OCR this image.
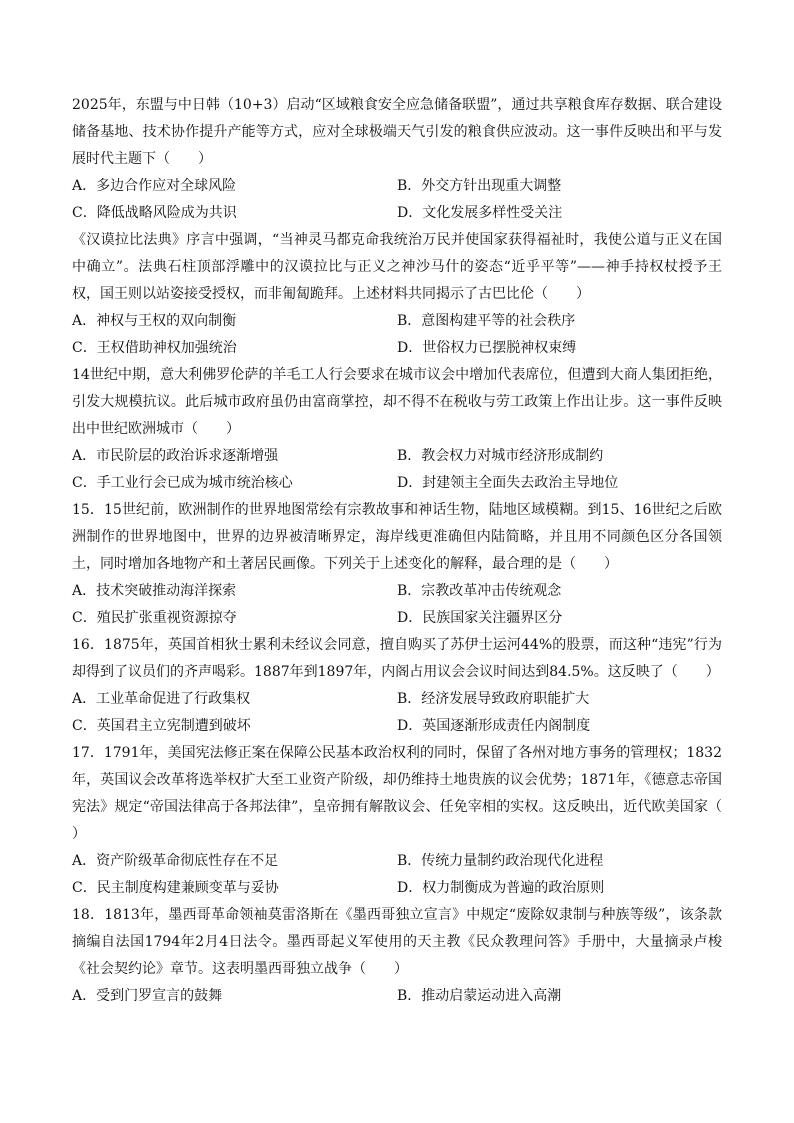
2025年，东盟与中日韩（10+3）启动“区域粮食安全应急储备联盟”，通过共享粮食库存数据、联合建设储备基地、技术协作提升产能等方式，应对全球极端天气引发的粮食供应波动。这一事件反映出和平与发展时代主题下（　　）

A．多边合作应对全球风险	B．外交方针出现重大调整
C．降低战略风险成为共识	D．文化发展多样性受关注

《汉谟拉比法典》序言中强调，“当神灵马都克命我统治万民并使国家获得福祉时，我使公道与正义在国中确立”。法典石柱顶部浮雕中的汉谟拉比与正义之神沙马什的姿态“近乎平等”——神手持权杖授予王权，国王则以站姿接受授权，而非匍匐跪拜。上述材料共同揭示了古巴比伦（　　）

A．神权与王权的双向制衡	B．意图构建平等的社会秩序
C．王权借助神权加强统治	D．世俗权力已摆脱神权束缚

14世纪中期，意大利佛罗伦萨的羊毛工人行会要求在城市议会中增加代表席位，但遭到大商人集团拒绝，引发大规模抗议。此后城市政府虽仍由富商掌控，却不得不在税收与劳工政策上作出让步。这一事件反映出中世纪欧洲城市（　　）

A．市民阶层的政治诉求逐渐增强	B．教会权力对城市经济形成制约
C．手工业行会已成为城市统治核心	D．封建领主全面失去政治主导地位

15．15世纪前，欧洲制作的世界地图常绘有宗教故事和神话生物，陆地区域模糊。到15、16世纪之后欧洲制作的世界地图中，世界的边界被清晰界定，海岸线更准确但内陆简略，并且用不同颜色区分各国领土，同时增加各地物产和土著居民画像。下列关于上述变化的解释，最合理的是（　　）

A．技术突破推动海洋探索	B．宗教改革冲击传统观念
C．殖民扩张重视资源掠夺	D．民族国家关注疆界区分

16．1875年，英国首相狄士累利未经议会同意，擅自购买了苏伊士运河44%的股票，而这种“违宪”行为却得到了议员们的齐声喝彩。1887年到1897年，内阁占用议会会议时间达到84.5%。这反映了（　　）

A．工业革命促进了行政集权	B．经济发展导致政府职能扩大
C．英国君主立宪制遭到破坏	D．英国逐渐形成责任内阁制度

17．1791年，美国宪法修正案在保障公民基本政治权利的同时，保留了各州对地方事务的管理权；1832年，英国议会改革将选举权扩大至工业资产阶级，却仍维持土地贵族的议会优势；1871年，《德意志帝国宪法》规定“帝国法律高于各邦法律”，皇帝拥有解散议会、任免宰相的实权。这反映出，近代欧美国家（　　）

A．资产阶级革命彻底性存在不足	B．传统力量制约政治现代化进程
C．民主制度构建兼顾变革与妥协	D．权力制衡成为普遍的政治原则

18．1813年，墨西哥革命领袖莫雷洛斯在《墨西哥独立宣言》中规定“废除奴隶制与种族等级”，该条款摘编自法国1794年2月4日法令。墨西哥起义军使用的天主教《民众教理问答》手册中，大量摘录卢梭《社会契约论》章节。这表明墨西哥独立战争（　　）

A．受到门罗宣言的鼓舞	B．推动启蒙运动进入高潮
